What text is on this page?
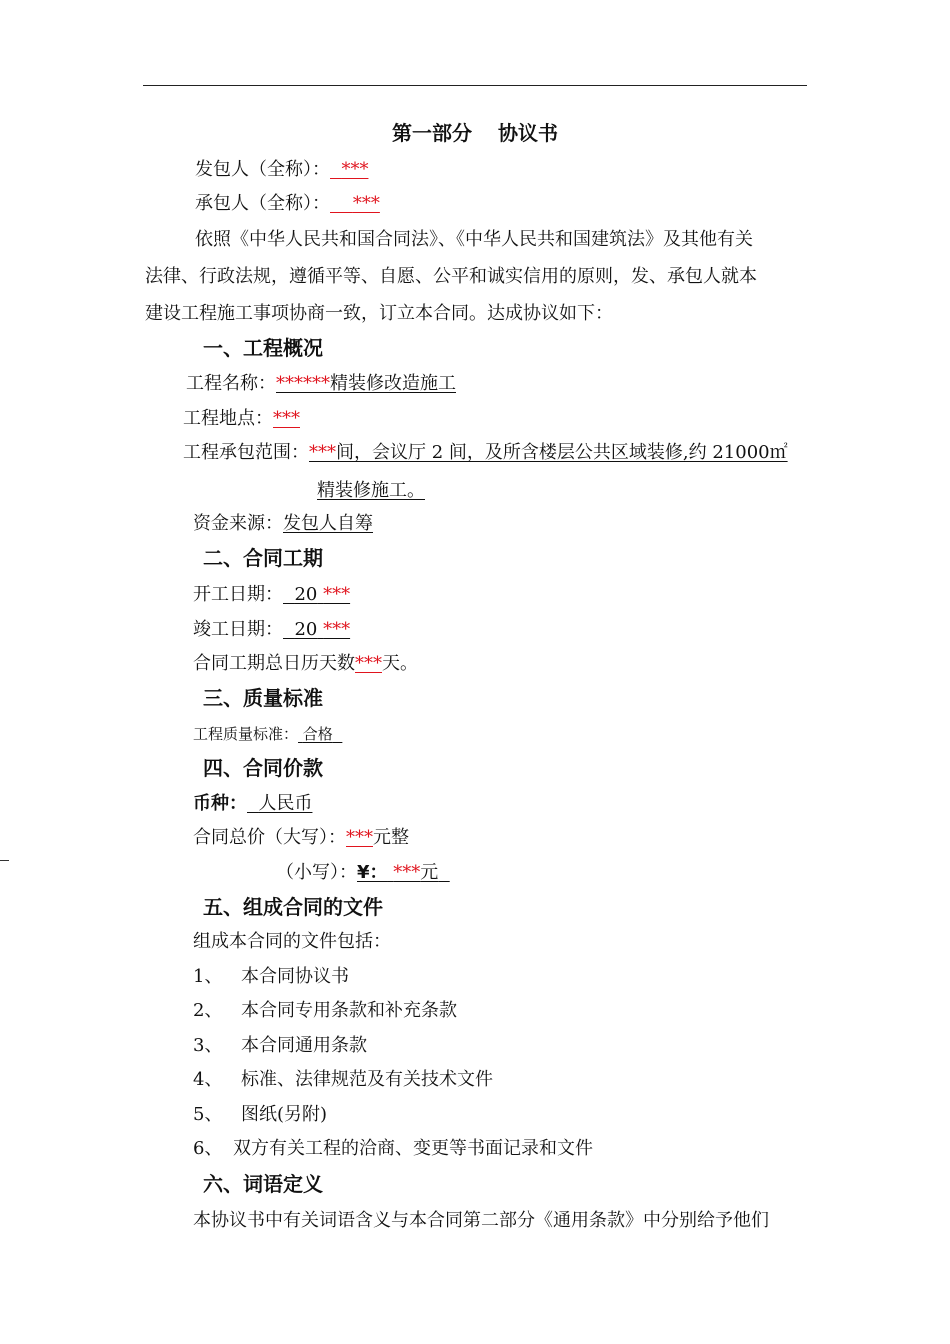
第一部分 协议书
发包人（全称）： ***
承包人（全称）： ***
依照《中华人民共和国合同法》、《中华人民共和国建筑法》及其他有关
法律、行政法规，遵循平等、自愿、公平和诚实信用的原则，发、承包人就本
建设工程施工事项协商一致，订立本合同。达成协议如下：
一、工程概况
工程名称：******精装修改造施工
工程地点：***
工程承包范围：***间，会议厅 2 间，及所含楼层公共区域装修,约 21000㎡
精装修施工。
资金来源：发包人自筹
二、合同工期
开工日期： 20 ***
竣工日期： 20 ***
合同工期总日历天数***天。
三、质量标准
工程质量标准： 合格
四、合同价款
币种： 人民币
合同总价（大写）：***元整
（小写）：¥： ***元
五、组成合同的文件
组成本合同的文件包括：
1、 本合同协议书
2、 本合同专用条款和补充条款
3、 本合同通用条款
4、 标准、法律规范及有关技术文件
5、 图纸(另附)
6、 双方有关工程的洽商、变更等书面记录和文件
六、词语定义
本协议书中有关词语含义与本合同第二部分《通用条款》中分别给予他们
